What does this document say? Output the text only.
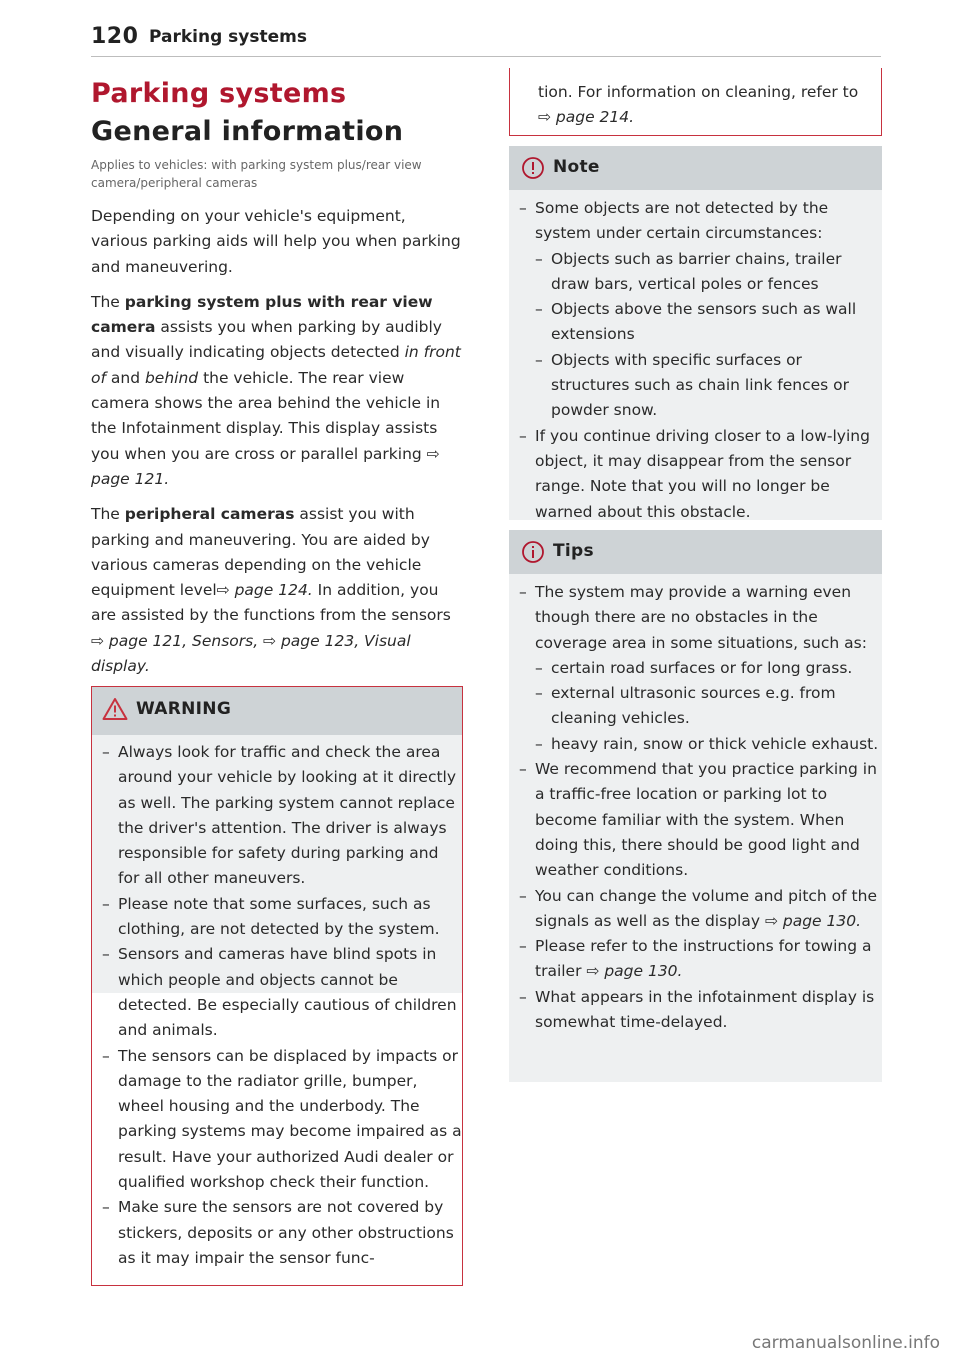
120 Parking systems
Parking systems
General information

Applies to vehicles: with parking system plus/rear view camera/peripheral cameras

Depending on your vehicle's equipment, various parking aids will help you when parking and maneuvering.

The parking system plus with rear view camera assists you when parking by audibly and visually indicating objects detected in front of and behind the vehicle. The rear view camera shows the area behind the vehicle in the Infotainment display. This display assists you when you are cross or parallel parking ⇨ page 121.

The peripheral cameras assist you with parking and maneuvering. You are aided by various cameras depending on the vehicle equipment level⇨ page 124. In addition, you are assisted by the functions from the sensors ⇨ page 121, Sensors, ⇨ page 123, Visual display.

WARNING
– Always look for traffic and check the area around your vehicle by looking at it directly as well. The parking system cannot replace the driver's attention. The driver is always responsible for safety during parking and for all other maneuvers.
– Please note that some surfaces, such as clothing, are not detected by the system.
– Sensors and cameras have blind spots in which people and objects cannot be detected. Be especially cautious of children and animals.
– The sensors can be displaced by impacts or damage to the radiator grille, bumper, wheel housing and the underbody. The parking systems may become impaired as a result. Have your authorized Audi dealer or qualified workshop check their function.
– Make sure the sensors are not covered by stickers, deposits or any other obstructions as it may impair the sensor func-
tion. For information on cleaning, refer to ⇨ page 214.
Note
– Some objects are not detected by the system under certain circumstances:
– Objects such as barrier chains, trailer draw bars, vertical poles or fences
– Objects above the sensors such as wall extensions
– Objects with specific surfaces or structures such as chain link fences or powder snow.
– If you continue driving closer to a low-lying object, it may disappear from the sensor range. Note that you will no longer be warned about this obstacle.
Tips
– The system may provide a warning even though there are no obstacles in the coverage area in some situations, such as:
– certain road surfaces or for long grass.
– external ultrasonic sources e.g. from cleaning vehicles.
– heavy rain, snow or thick vehicle exhaust.
– We recommend that you practice parking in a traffic-free location or parking lot to become familiar with the system. When doing this, there should be good light and weather conditions.
– You can change the volume and pitch of the signals as well as the display ⇨ page 130.
– Please refer to the instructions for towing a trailer ⇨ page 130.
– What appears in the infotainment display is somewhat time-delayed.
carmanualsonline.info
